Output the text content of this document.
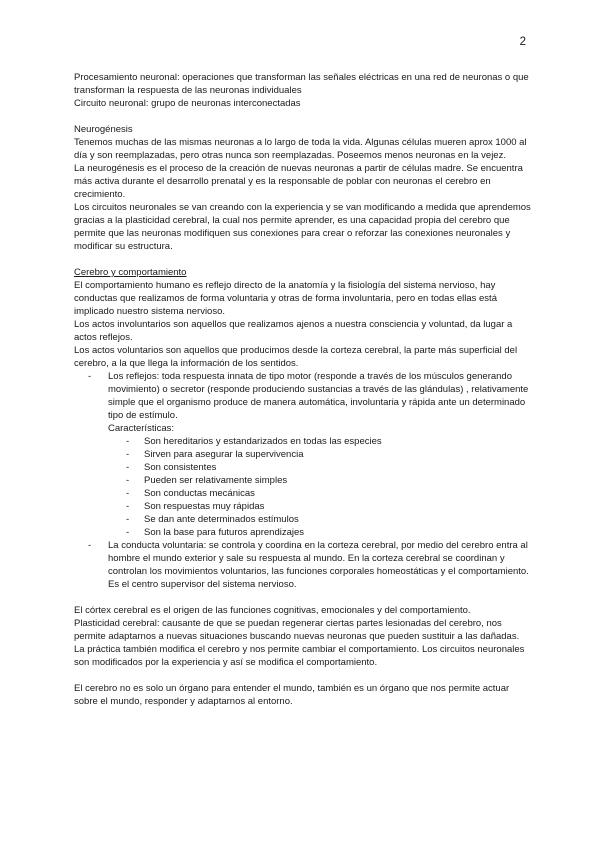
2

Procesamiento neuronal: operaciones que transforman las señales eléctricas en una red de neuronas o que transforman la respuesta de las neuronas individuales

Circuito neuronal: grupo de neuronas interconectadas

Neurogénesis

Tenemos muchas de las mismas neuronas a lo largo de toda la vida. Algunas células mueren aprox 1000 al día y son reemplazadas, pero otras nunca son reemplazadas. Poseemos menos neuronas en la vejez.

La neurogénesis es el proceso de la creación de nuevas neuronas a partir de células madre. Se encuentra más activa durante el desarrollo prenatal y es la responsable de poblar con neuronas el cerebro en crecimiento.

Los circuitos neuronales se van creando con la experiencia y se van modificando a medida que aprendemos gracias a la plasticidad cerebral, la cual nos permite aprender, es una capacidad propia del cerebro que permite que las neuronas modifiquen sus conexiones para crear o reforzar las conexiones neuronales y modificar su estructura.

Cerebro y comportamiento

El comportamiento humano es reflejo directo de la anatomía y la fisiología del sistema nervioso, hay conductas que realizamos de forma voluntaria y otras de forma involuntaria, pero en todas ellas está implicado nuestro sistema nervioso.

Los actos involuntarios son aquellos que realizamos ajenos a nuestra consciencia y voluntad, da lugar a actos reflejos.

Los actos voluntarios son aquellos que producimos desde la corteza cerebral, la parte más superficial del cerebro, a la que llega la información de los sentidos.

- Los reflejos: toda respuesta innata de tipo motor (responde a través de los músculos generando movimiento) o secretor (responde produciendo sustancias a través de las glándulas) , relativamente simple que el organismo produce de manera automática, involuntaria y rápida ante un determinado tipo de estímulo.

Características:

- Son hereditarios y estandarizados en todas las especies
- Sirven para asegurar la supervivencia
- Son consistentes
- Pueden ser relativamente simples
- Son conductas mecánicas
- Son respuestas muy rápidas
- Se dan ante determinados estímulos
- Son la base para futuros aprendizajes
- La conducta voluntaria: se controla y coordina en la corteza cerebral, por medio del cerebro entra al hombre el mundo exterior y sale su respuesta al mundo. En la corteza cerebral se coordinan y controlan los movimientos voluntarios, las funciones corporales homeostáticas y el comportamiento. Es el centro supervisor del sistema nervioso.

El córtex cerebral es el origen de las funciones cognitivas, emocionales y del comportamiento.

Plasticidad cerebral: causante de que se puedan regenerar ciertas partes lesionadas del cerebro, nos permite adaptarnos a nuevas situaciones buscando nuevas neuronas que pueden sustituir a las dañadas.

La práctica también modifica el cerebro y nos permite cambiar el comportamiento. Los circuitos neuronales son modificados por la experiencia y así se modifica el comportamiento.

El cerebro no es solo un órgano para entender el mundo, también es un órgano que nos permite actuar sobre el mundo, responder y adaptarnos al entorno.
